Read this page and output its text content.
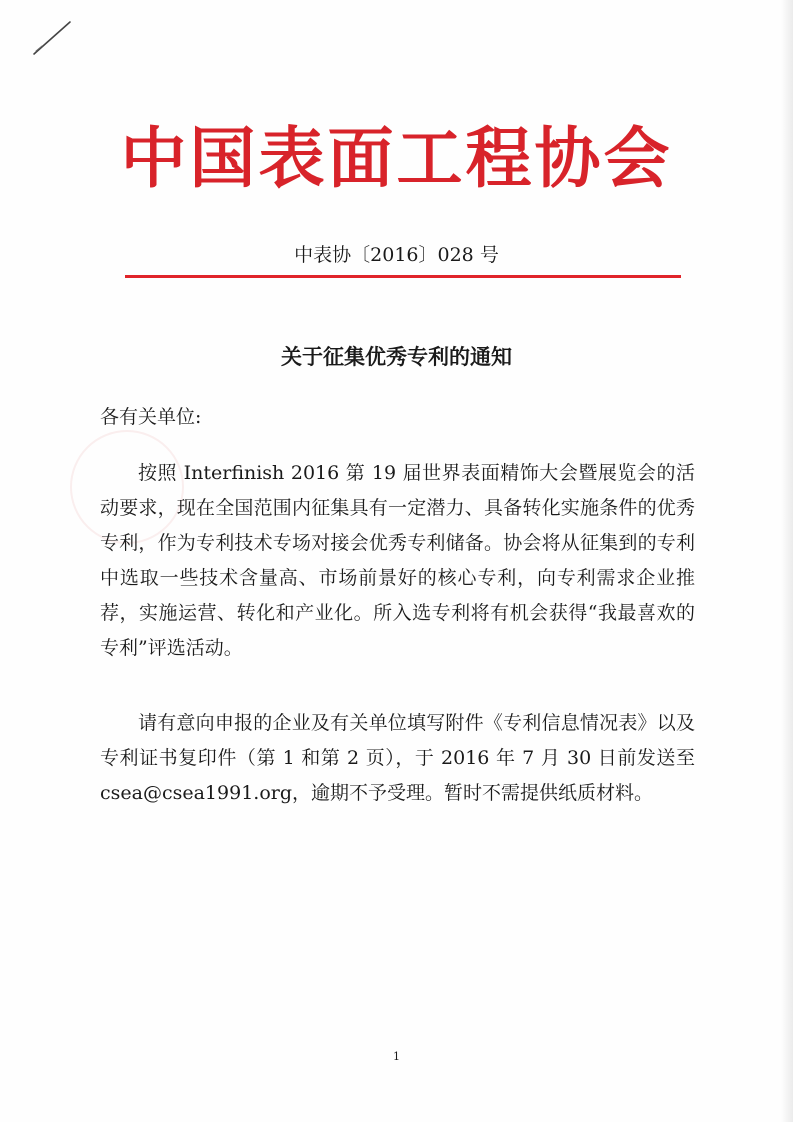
中国表面工程协会
中表协〔2016〕028 号
关于征集优秀专利的通知
各有关单位:
按照 Interfinish 2016 第 19 届世界表面精饰大会暨展览会的活动要求，现在全国范围内征集具有一定潜力、具备转化实施条件的优秀专利，作为专利技术专场对接会优秀专利储备。协会将从征集到的专利中选取一些技术含量高、市场前景好的核心专利，向专利需求企业推荐，实施运营、转化和产业化。所入选专利将有机会获得“我最喜欢的专利”评选活动。
请有意向申报的企业及有关单位填写附件《专利信息情况表》以及专利证书复印件（第 1 和第 2 页），于 2016 年 7 月 30 日前发送至 csea@csea1991.org，逾期不予受理。暂时不需提供纸质材料。
1
